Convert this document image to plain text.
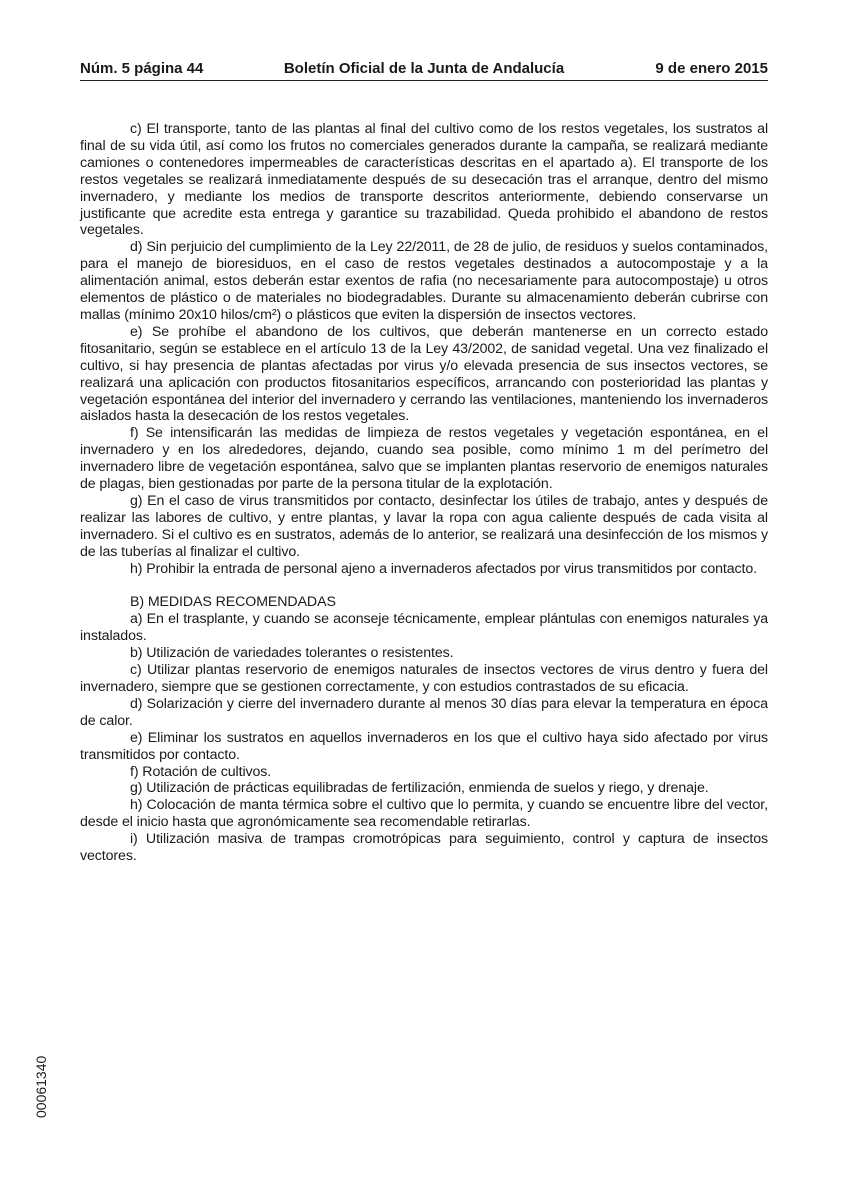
Núm. 5 página 44	Boletín Oficial de la Junta de Andalucía	9 de enero 2015

c) El transporte, tanto de las plantas al final del cultivo como de los restos vegetales, los sustratos al final de su vida útil, así como los frutos no comerciales generados durante la campaña, se realizará mediante camiones o contenedores impermeables de características descritas en el apartado a). El transporte de los restos vegetales se realizará inmediatamente después de su desecación tras el arranque, dentro del mismo invernadero, y mediante los medios de transporte descritos anteriormente, debiendo conservarse un justificante que acredite esta entrega y garantice su trazabilidad. Queda prohibido el abandono de restos vegetales.

d) Sin perjuicio del cumplimiento de la Ley 22/2011, de 28 de julio, de residuos y suelos contaminados, para el manejo de bioresiduos, en el caso de restos vegetales destinados a autocompostaje y a la alimentación animal, estos deberán estar exentos de rafia (no necesariamente para autocompostaje) u otros elementos de plástico o de materiales no biodegradables. Durante su almacenamiento deberán cubrirse con mallas (mínimo 20x10 hilos/cm²) o plásticos que eviten la dispersión de insectos vectores.

e) Se prohíbe el abandono de los cultivos, que deberán mantenerse en un correcto estado fitosanitario, según se establece en el artículo 13 de la Ley 43/2002, de sanidad vegetal. Una vez finalizado el cultivo, si hay presencia de plantas afectadas por virus y/o elevada presencia de sus insectos vectores, se realizará una aplicación con productos fitosanitarios específicos, arrancando con posterioridad las plantas y vegetación espontánea del interior del invernadero y cerrando las ventilaciones, manteniendo los invernaderos aislados hasta la desecación de los restos vegetales.

f) Se intensificarán las medidas de limpieza de restos vegetales y vegetación espontánea, en el invernadero y en los alrededores, dejando, cuando sea posible, como mínimo 1 m del perímetro del invernadero libre de vegetación espontánea, salvo que se implanten plantas reservorio de enemigos naturales de plagas, bien gestionadas por parte de la persona titular de la explotación.

g) En el caso de virus transmitidos por contacto, desinfectar los útiles de trabajo, antes y después de realizar las labores de cultivo, y entre plantas, y lavar la ropa con agua caliente después de cada visita al invernadero. Si el cultivo es en sustratos, además de lo anterior, se realizará una desinfección de los mismos y de las tuberías al finalizar el cultivo.

h) Prohibir la entrada de personal ajeno a invernaderos afectados por virus transmitidos por contacto.

B) MEDIDAS RECOMENDADAS

a) En el trasplante, y cuando se aconseje técnicamente, emplear plántulas con enemigos naturales ya instalados.

b) Utilización de variedades tolerantes o resistentes.

c) Utilizar plantas reservorio de enemigos naturales de insectos vectores de virus dentro y fuera del invernadero, siempre que se gestionen correctamente, y con estudios contrastados de su eficacia.

d) Solarización y cierre del invernadero durante al menos 30 días para elevar la temperatura en época de calor.

e) Eliminar los sustratos en aquellos invernaderos en los que el cultivo haya sido afectado por virus transmitidos por contacto.

f) Rotación de cultivos.

g) Utilización de prácticas equilibradas de fertilización, enmienda de suelos y riego, y drenaje.

h) Colocación de manta térmica sobre el cultivo que lo permita, y cuando se encuentre libre del vector, desde el inicio hasta que agronómicamente sea recomendable retirarlas.

i) Utilización masiva de trampas cromotrópicas para seguimiento, control y captura de insectos vectores.

00061340
